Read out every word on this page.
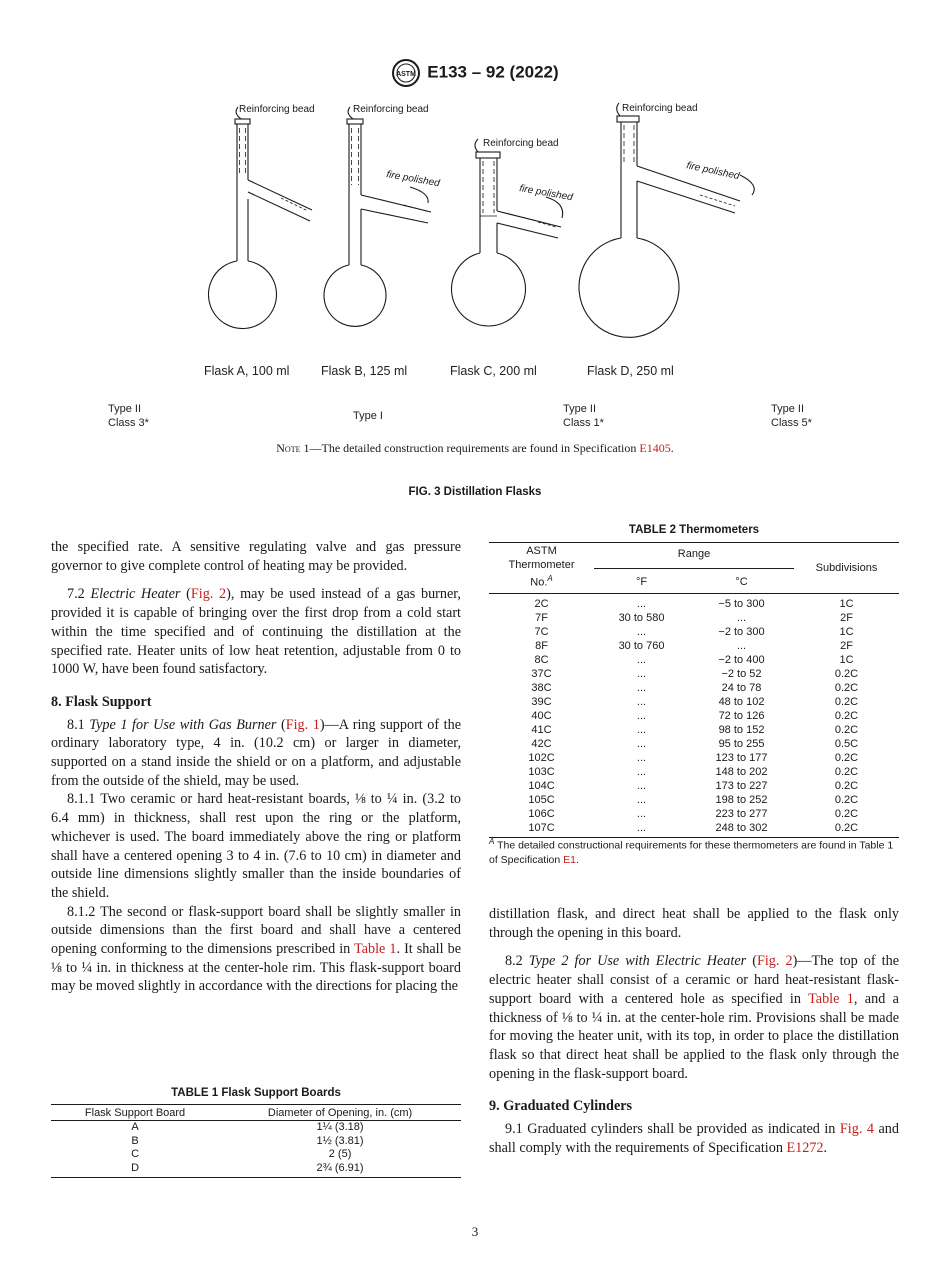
ASTM E133 – 92 (2022)
Reinforcing bead	Reinforcing bead
Reinforcing bead
Reinforcing bead
fire polished
fire polished
fire polished
Flask A, 100 ml	Flask B, 125 ml	Flask C, 200 ml	Flask D, 250 ml
Type II
Class 3*
Type I
Type II
Class 1*
Type II
Class 5*
Note 1—The detailed construction requirements are found in Specification E1405.
FIG. 3 Distillation Flasks

the specified rate. A sensitive regulating valve and gas pressure governor to give complete control of heating may be provided.

7.2 Electric Heater (Fig. 2), may be used instead of a gas burner, provided it is capable of bringing over the first drop from a cold start within the time specified and of continuing the distillation at the specified rate. Heater units of low heat retention, adjustable from 0 to 1000 W, have been found satisfactory.

8. Flask Support

8.1 Type 1 for Use with Gas Burner (Fig. 1)—A ring support of the ordinary laboratory type, 4 in. (10.2 cm) or larger in diameter, supported on a stand inside the shield or on a platform, and adjustable from the outside of the shield, may be used.

8.1.1 Two ceramic or hard heat-resistant boards, ⅛ to ¼ in. (3.2 to 6.4 mm) in thickness, shall rest upon the ring or the platform, whichever is used. The board immediately above the ring or platform shall have a centered opening 3 to 4 in. (7.6 to 10 cm) in diameter and outside line dimensions slightly smaller than the inside boundaries of the shield.

8.1.2 The second or flask-support board shall be slightly smaller in outside dimensions than the first board and shall have a centered opening conforming to the dimensions prescribed in Table 1. It shall be ⅛ to ¼ in. in thickness at the center-hole rim. This flask-support board may be moved slightly in accordance with the directions for placing the

TABLE 1 Flask Support Boards
Flask Support Board	Diameter of Opening, in. (cm)
A	1¼ (3.18)
B	1½ (3.81)
C	2 (5)
D	2¾ (6.91)
TABLE 2 Thermometers
ASTM
Thermometer
No.$^A$	Range		Subdivisions
	°F	°C	

2C	...	−5 to 300	1C
7F	30 to 580	...	2F
7C	...	−2 to 300	1C
8F	30 to 760	...	2F
8C	...	−2 to 400	1C
37C	...	−2 to 52	0.2C
38C	...	24 to 78	0.2C
39C	...	48 to 102	0.2C
40C	...	72 to 126	0.2C
41C	...	98 to 152	0.2C
42C	...	95 to 255	0.5C
102C	...	123 to 177	0.2C
103C	...	148 to 202	0.2C
104C	...	173 to 227	0.2C
105C	...	198 to 252	0.2C
106C	...	223 to 277	0.2C
107C	...	248 to 302	0.2C
$^A$ The detailed constructional requirements for these thermometers are found in Table 1 of Specification E1.

distillation flask, and direct heat shall be applied to the flask only through the opening in this board.

8.2 Type 2 for Use with Electric Heater (Fig. 2)—The top of the electric heater shall consist of a ceramic or hard heat-resistant flask-support board with a centered hole as specified in Table 1, and a thickness of ⅛ to ¼ in. at the center-hole rim. Provisions shall be made for moving the heater unit, with its top, in order to place the distillation flask so that direct heat shall be applied to the flask only through the opening in the flask-support board.

9. Graduated Cylinders

9.1 Graduated cylinders shall be provided as indicated in Fig. 4 and shall comply with the requirements of Specification E1272.

3
